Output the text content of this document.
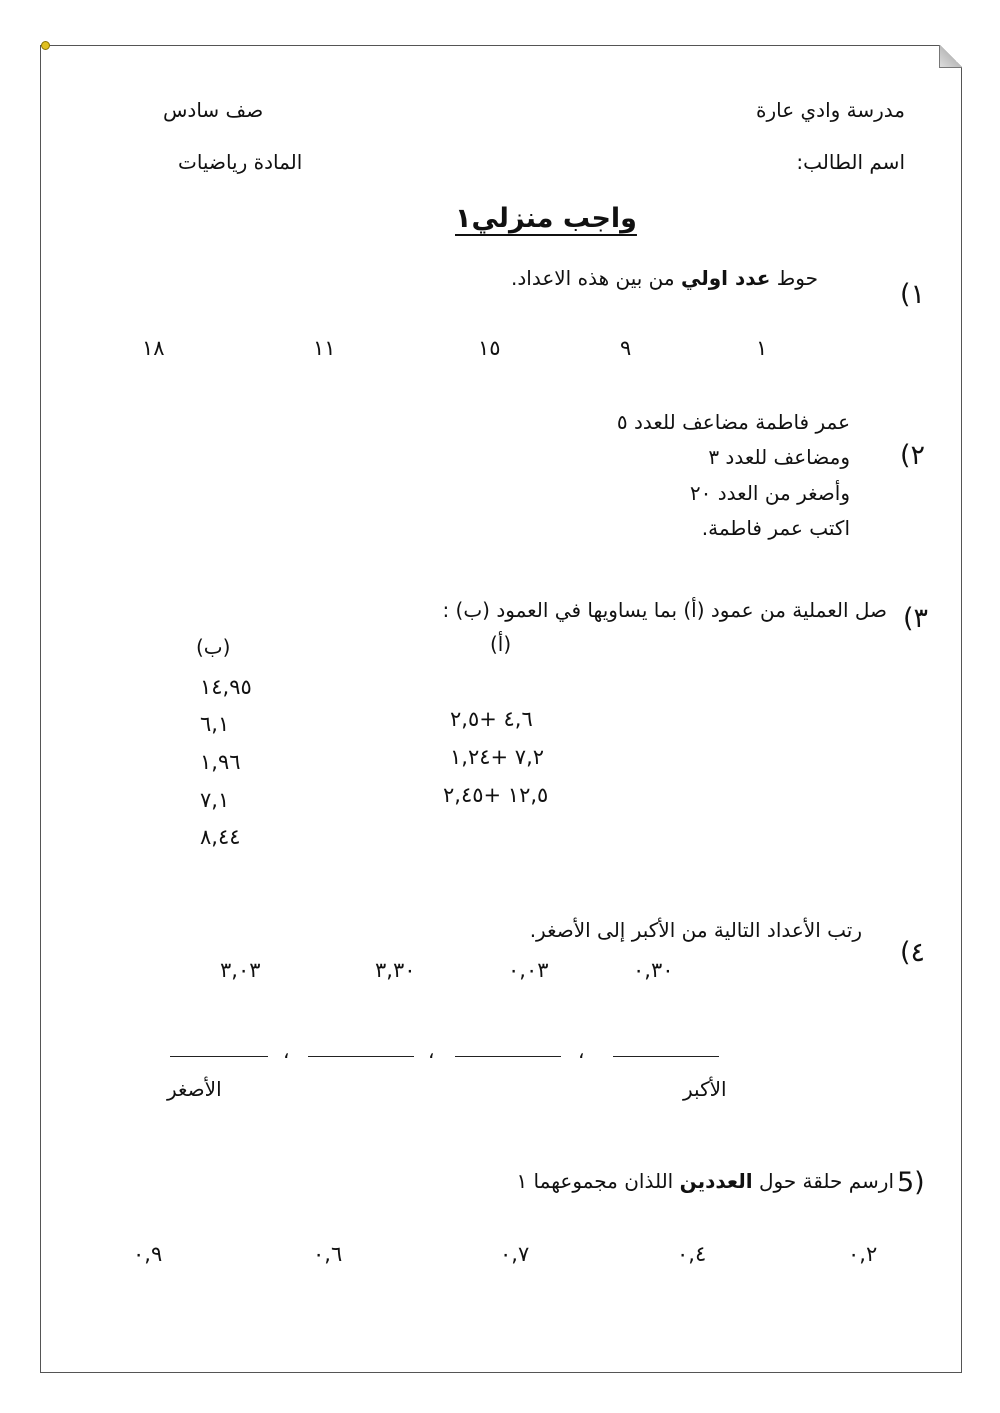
مدرسة وادي عارة
صف سادس
اسم الطالب:
المادة رياضيات
واجب منزلي١
١)
حوط عدد اولي من بين هذه الاعداد.
١
٩
١٥
١١
١٨
٢)
عمر فاطمة مضاعف للعدد ٥
ومضاعف للعدد ٣
وأصغر من العدد ٢٠
اكتب عمر فاطمة.
٣)
صل العملية من عمود (أ) بما يساويها في العمود (ب) :
(أ)
(ب)
٤,٦ +٢,٥
٧,٢ +١,٢٤
١٢,٥ +٢,٤٥
١٤,٩٥
٦,١
١,٩٦
٧,١
٨,٤٤
٤)
رتب الأعداد التالية من الأكبر إلى الأصغر.
٠,٣٠
٠,٠٣
٣,٣٠
٣,٠٣
،
،
،
الأكبر
الأصغر
5)
ارسم حلقة حول العددين اللذان مجموعهما ١
٠,٢
٠,٤
٠,٧
٠,٦
٠,٩
